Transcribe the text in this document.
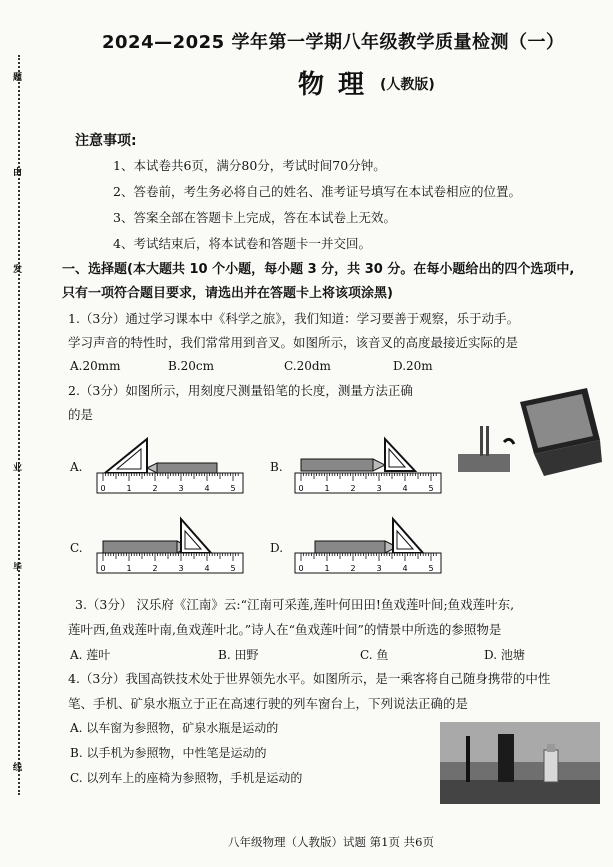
题
由
发
业
毕
线
2024—2025 学年第一学期八年级教学质量检测（一）
物理 (人教版)
注意事项:
1、本试卷共6页，满分80分，考试时间70分钟。
2、答卷前，考生务必将自己的姓名、准考证号填写在本试卷相应的位置。
3、答案全部在答题卡上完成，答在本试卷上无效。
4、考试结束后，将本试卷和答题卡一并交回。
一、选择题(本大题共 10 个小题，每小题 3 分，共 30 分。在每小题给出的四个选项中,
只有一项符合题目要求，请选出并在答题卡上将该项涂黑)
1.（3分）通过学习课本中《科学之旅》，我们知道：学习要善于观察，乐于动手。
学习声音的特性时，我们常常用到音叉。如图所示，该音叉的高度最接近实际的是
A.20mm	B.20cm	C.20dm	D.20m
2.（3分）如图所示，用刻度尺测量铅笔的长度，测量方法正确
的是
A.	B.
C.	D.
0	1	2	3	4	5	0	1	2	3	4	5
0	1	2	3	4	5	0	1	2	3	4	5
3.（3分） 汉乐府《江南》云:“江南可采莲,莲叶何田田!鱼戏莲叶间;鱼戏莲叶东,
莲叶西,鱼戏莲叶南,鱼戏莲叶北。”诗人在“鱼戏莲叶间”的情景中所选的参照物是
A. 莲叶	B. 田野	C. 鱼	D. 池塘
4.（3分）我国高铁技术处于世界领先水平。如图所示，是一乘客将自己随身携带的中性
笔、手机、矿泉水瓶立于正在高速行驶的列车窗台上，下列说法正确的是
A. 以车窗为参照物，矿泉水瓶是运动的
B. 以手机为参照物，中性笔是运动的
C. 以列车上的座椅为参照物，手机是运动的
八年级物理（人教版）试题 第1页 共6页
